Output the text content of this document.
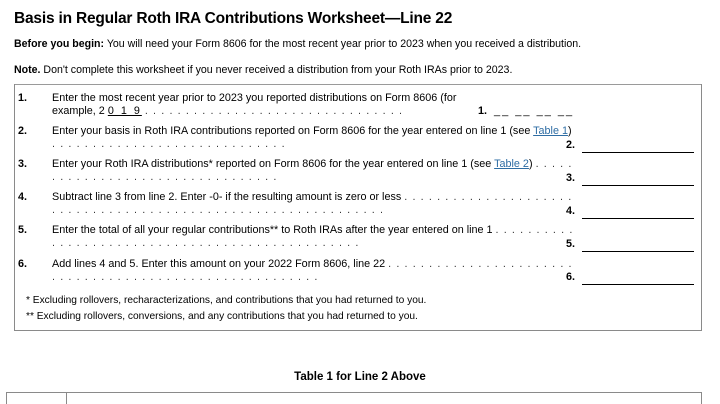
Basis in Regular Roth IRA Contributions Worksheet—Line 22
Before you begin: You will need your Form 8606 for the most recent year prior to 2023 when you received a distribution.
Note. Don't complete this worksheet if you never received a distribution from your Roth IRAs prior to 2023.
1.	Enter the most recent year prior to 2023 you reported distributions on Form 8606 (for example, 2 0 1 9 . . . . . . . . . . . . . . . . . . . . . . . . . . . . . . . .	1. __ __ __ __
2.	Enter your basis in Roth IRA contributions reported on Form 8606 for the year entered on line 1 (see Table 1) . . . . . . . . . . . . . . . . . . . . . . . . . . . . .	2.
3.	Enter your Roth IRA distributions* reported on Form 8606 for the year entered on line 1 (see Table 2) . . . . . . . . . . . . . . . . . . . . . . . . . . . . . . . . .	3.
4.	Subtract line 3 from line 2. Enter -0- if the resulting amount is zero or less . . . . . . . . . . . . . . . . . . . . . . . . . . . . . . . . . . . . . . . . . . . . . . . . . . . . . . . . . . . . . .	4.
5.	Enter the total of all your regular contributions** to Roth IRAs after the year entered on line 1 . . . . . . . . . . . . . . . . . . . . . . . . . . . . . . . . . . . . . . . . . . . . . . . .	5.
6.	Add lines 4 and 5. Enter this amount on your 2022 Form 8606, line 22 . . . . . . . . . . . . . . . . . . . . . . . . . . . . . . . . . . . . . . . . . . . . . . . . . . . . . . . .	6.
* Excluding rollovers, recharacterizations, and contributions that you had returned to you.
** Excluding rollovers, conversions, and any contributions that you had returned to you.
Table 1 for Line 2 Above
